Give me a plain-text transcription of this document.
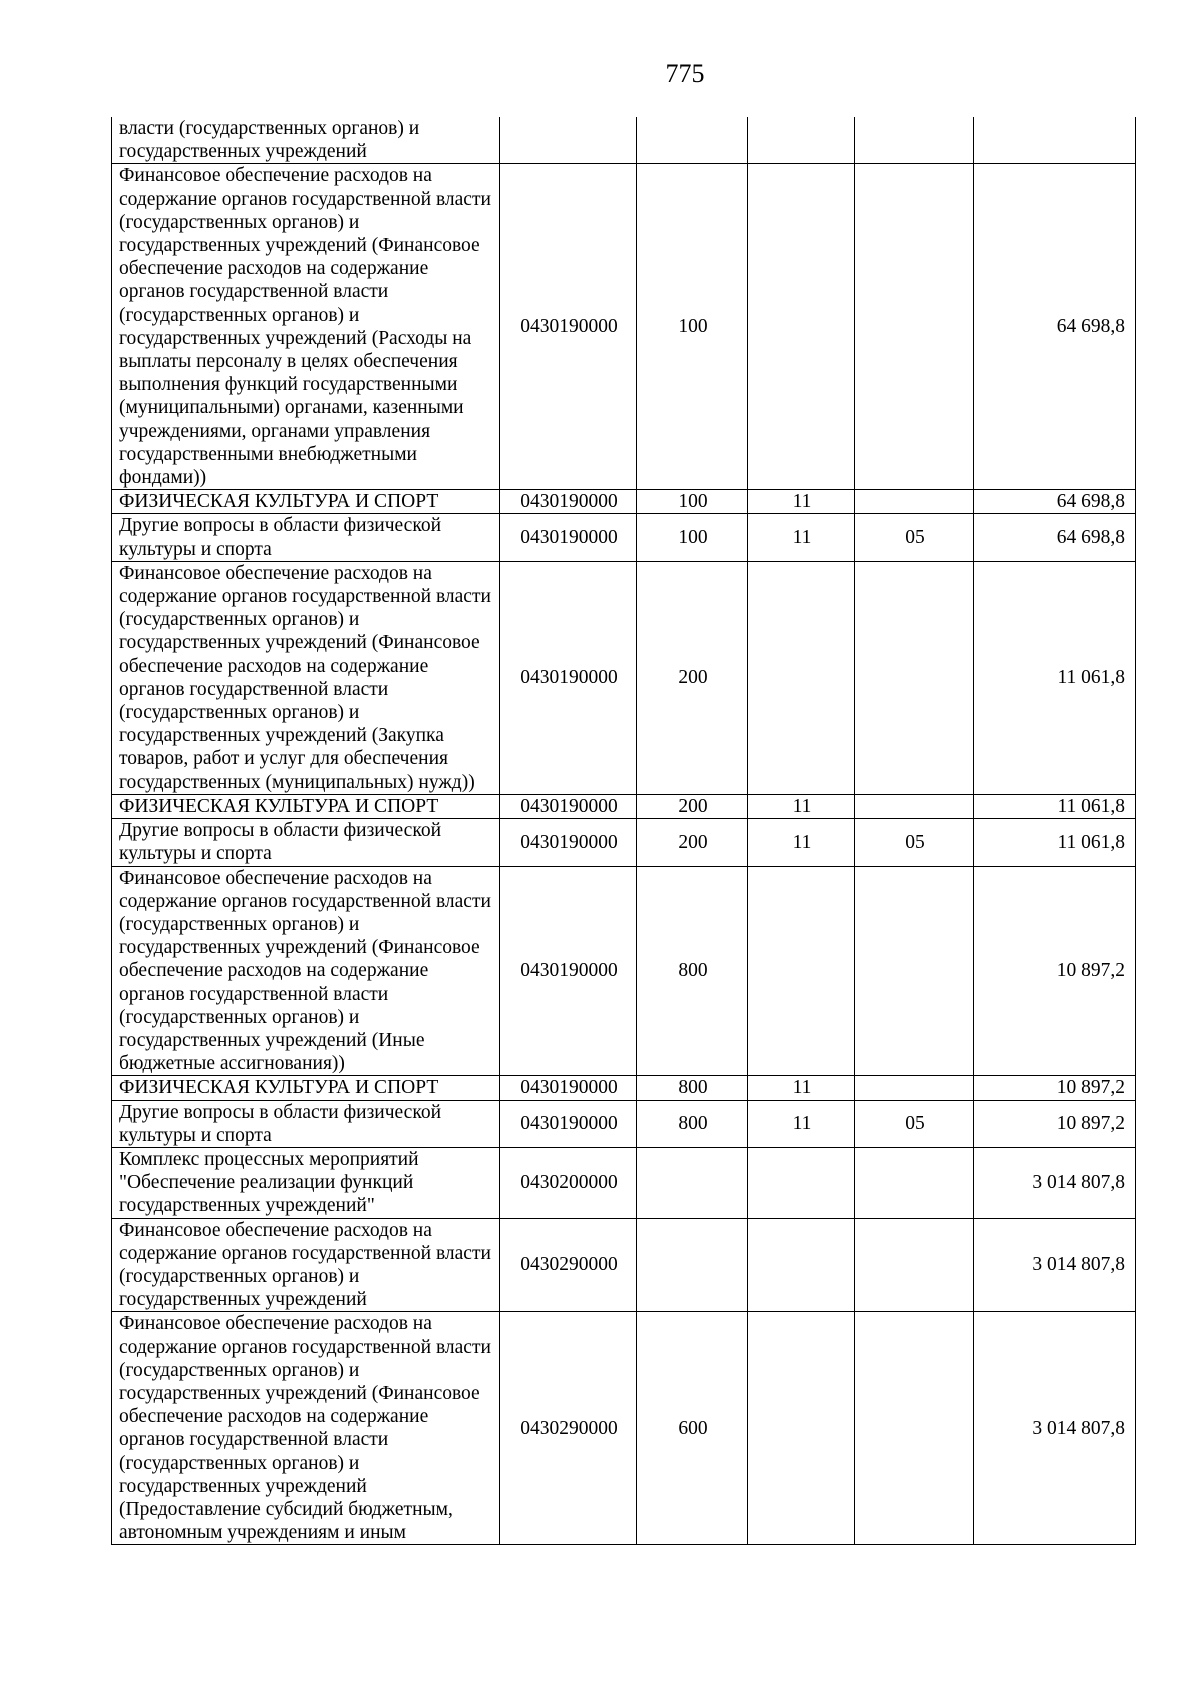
775
власти (государственных органов) и государственных учреждений					
Финансовое обеспечение расходов на содержание органов государственной власти (государственных органов) и государственных учреждений (Финансовое обеспечение расходов на содержание органов государственной власти (государственных органов) и государственных учреждений (Расходы на выплаты персоналу в целях обеспечения выполнения функций государственными (муниципальными) органами, казенными учреждениями, органами управления государственными внебюджетными фондами))	0430190000	100			64 698,8
ФИЗИЧЕСКАЯ КУЛЬТУРА И СПОРТ	0430190000	100	11		64 698,8
Другие вопросы в области физической культуры и спорта	0430190000	100	11	05	64 698,8
Финансовое обеспечение расходов на содержание органов государственной власти (государственных органов) и государственных учреждений (Финансовое обеспечение расходов на содержание органов государственной власти (государственных органов) и государственных учреждений (Закупка товаров, работ и услуг для обеспечения государственных (муниципальных) нужд))	0430190000	200			11 061,8
ФИЗИЧЕСКАЯ КУЛЬТУРА И СПОРТ	0430190000	200	11		11 061,8
Другие вопросы в области физической культуры и спорта	0430190000	200	11	05	11 061,8
Финансовое обеспечение расходов на содержание органов государственной власти (государственных органов) и государственных учреждений (Финансовое обеспечение расходов на содержание органов государственной власти (государственных органов) и государственных учреждений (Иные бюджетные ассигнования))	0430190000	800			10 897,2
ФИЗИЧЕСКАЯ КУЛЬТУРА И СПОРТ	0430190000	800	11		10 897,2
Другие вопросы в области физической культуры и спорта	0430190000	800	11	05	10 897,2
Комплекс процессных мероприятий "Обеспечение реализации функций государственных учреждений"	0430200000				3 014 807,8
Финансовое обеспечение расходов на содержание органов государственной власти (государственных органов) и государственных учреждений	0430290000				3 014 807,8
Финансовое обеспечение расходов на содержание органов государственной власти (государственных органов) и государственных учреждений (Финансовое обеспечение расходов на содержание органов государственной власти (государственных органов) и государственных учреждений (Предоставление субсидий бюджетным, автономным учреждениям и иным	0430290000	600			3 014 807,8
